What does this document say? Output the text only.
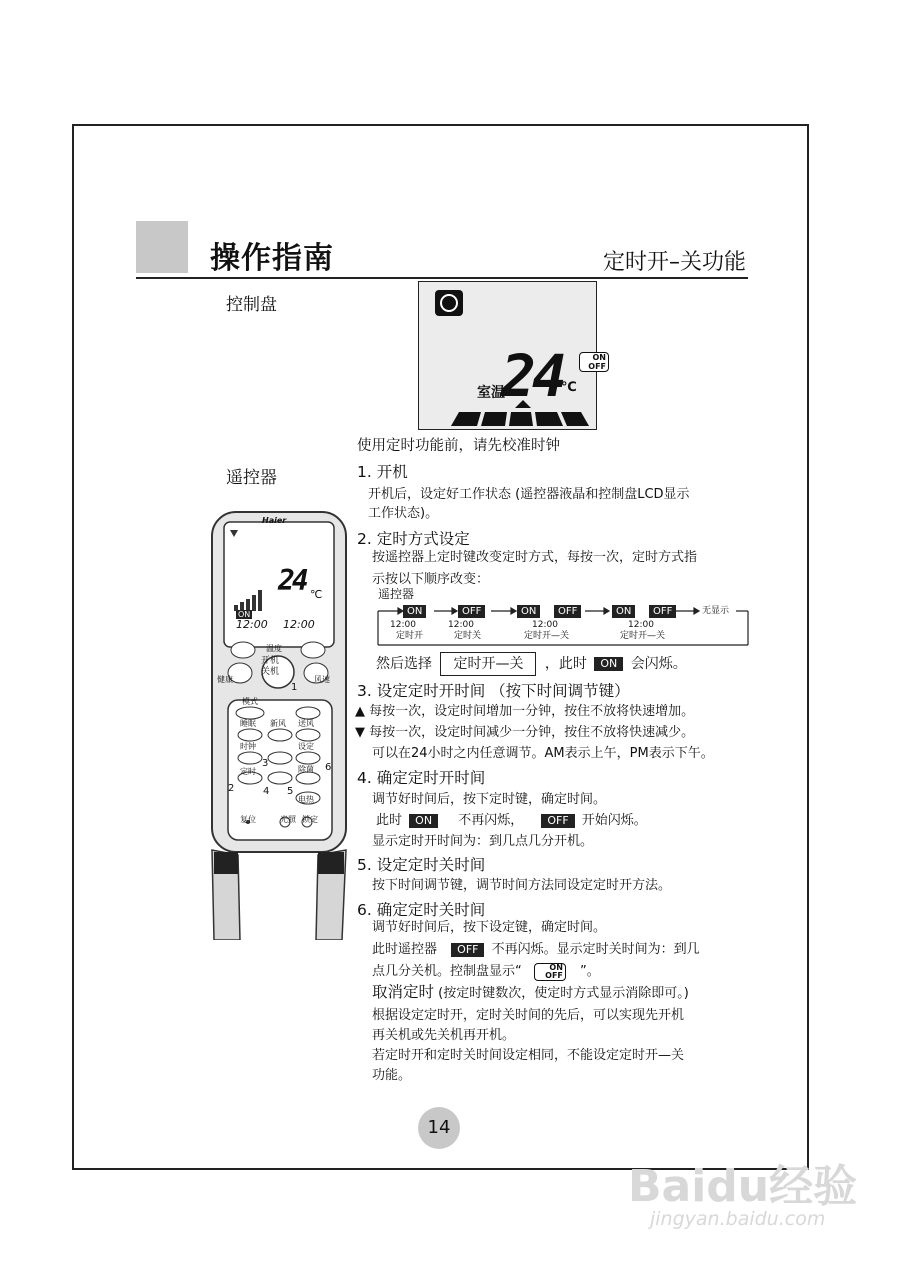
操作指南	定时开–关功能
控制盘
遥控器
室温
24
℃
ON
OFF
使用定时功能前，请先校准时钟
Haier
24 ℃
ON
12:00 12:00
温度
开机
关机
健康	风速
模式
睡眠 新风 送风
时钟	设定
定时	除菌
电热
复位	光照 锁定
1
2
3
4 5
6
1. 开机
开机后，设定好工作状态 (遥控器液晶和控制盘LCD显示
工作状态)。
2. 定时方式设定
按遥控器上定时键改变定时方式，每按一次，定时方式指
示按以下顺序改变：
遥控器
ON	OFF	ON	OFF	ON	OFF	无显示
12:00
定时开
12:00
定时关
12:00
定时开—关
12:00
定时开—关
然后选择 定时开—关 ，此时 ON 会闪烁。
3. 设定定时开时间 （按下时间调节键）
▲ 每按一次，设定时间增加一分钟，按住不放将快速增加。
▼ 每按一次，设定时间减少一分钟，按住不放将快速减少。
可以在24小时之内任意调节。AM表示上午，PM表示下午。
4. 确定定时开时间
调节好时间后，按下定时键，确定时间。
此时 ON 不再闪烁， OFF 开始闪烁。
显示定时开时间为：到几点几分开机。
5. 设定定时关时间
按下时间调节键，调节时间方法同设定定时开方法。
6. 确定定时关时间
调节好时间后，按下设定键，确定时间。
此时遥控器 OFF 不再闪烁。显示定时关时间为：到几
点几分关机。控制盘显示“	ON
OFF ”。
取消定时 (按定时键数次，使定时方式显示消除即可。)
根据设定定时开，定时关时间的先后，可以实现先开机
再关机或先关机再开机。
若定时开和定时关时间设定相同，不能设定定时开—关
功能。
14
Baidu经验
jingyan.baidu.com
